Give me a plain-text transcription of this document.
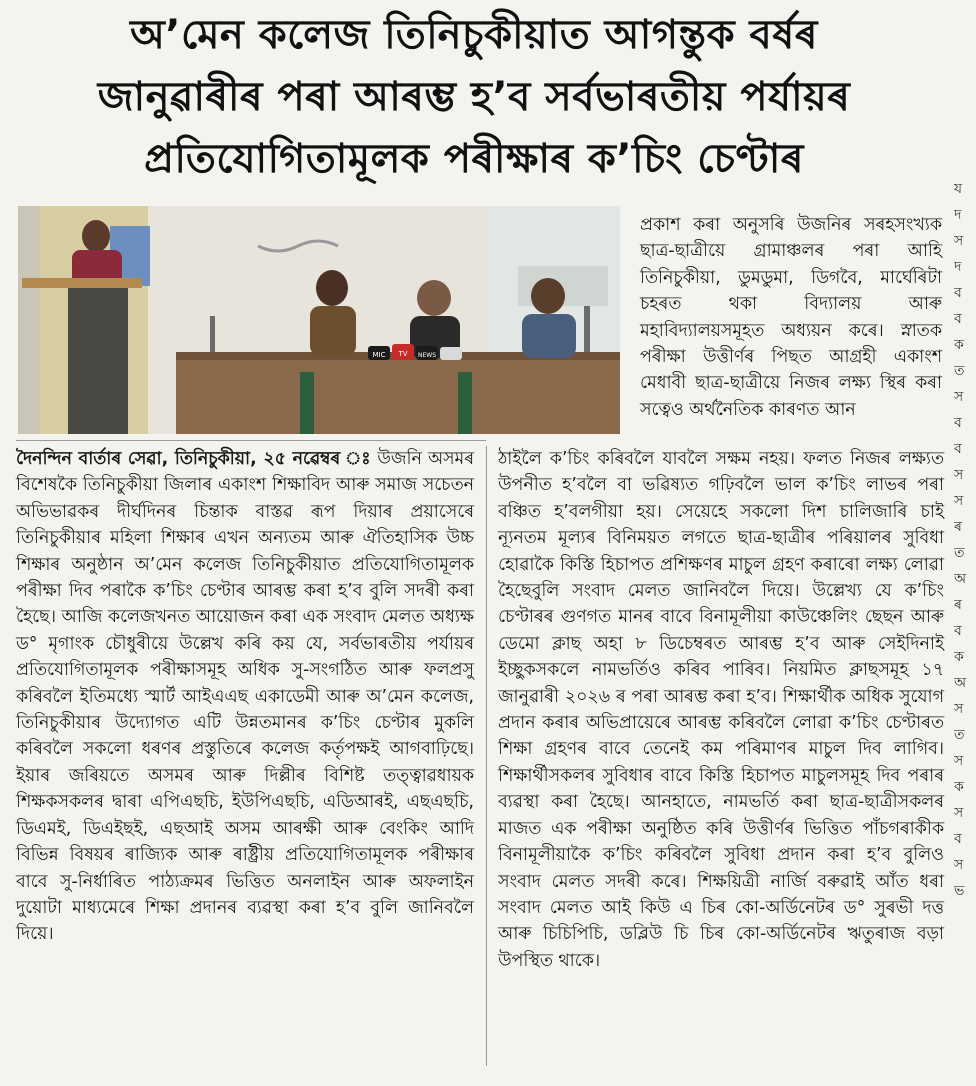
অ’মেন কলেজ তিনিচুকীয়াত আগন্তুক বৰ্ষৰ
জানুৱাৰীৰ পৰা আৰম্ভ হ’ব সৰ্বভাৰতীয় পৰ্যায়ৰ
প্ৰতিযোগিতামূলক পৰীক্ষাৰ ক’চিং চেণ্টাৰ
MIC TV NEWS

প্ৰকাশ কৰা অনুসৰি উজনিৰ সৰহসংখ্যক ছাত্ৰ-ছাত্ৰীয়ে গ্ৰামাঞ্চলৰ পৰা আহি তিনিচুকীয়া, ডুমডুমা, ডিগবৈ, মাৰ্ঘেৰিটা চহৰত থকা বিদ্যালয় আৰু মহাবিদ্যালয়সমূহত অধ্যয়ন কৰে। স্নাতক পৰীক্ষা উত্তীৰ্ণৰ পিছত আগ্ৰহী একাংশ মেধাবী ছাত্ৰ-ছাত্ৰীয়ে নিজৰ লক্ষ্য স্থিৰ কৰা সত্বেও অৰ্থনৈতিক কাৰণত আন

দৈনন্দিন বাৰ্তাৰ সেৱা, তিনিচুকীয়া, ২৫ নৱেম্বৰ ঃ উজনি অসমৰ বিশেষকৈ তিনিচুকীয়া জিলাৰ একাংশ শিক্ষাবিদ আৰু সমাজ সচেতন অভিভাৱকৰ দীৰ্ঘদিনৰ চিন্তাক বাস্তৱ ৰূপ দিয়াৰ প্ৰয়াসেৰে তিনিচুকীয়াৰ মহিলা শিক্ষাৰ এখন অন্যতম আৰু ঐতিহাসিক উচ্চ শিক্ষাৰ অনুষ্ঠান অ’মেন কলেজ তিনিচুকীয়াত প্ৰতিযোগিতামূলক পৰীক্ষা দিব পৰাকৈ ক’চিং চেণ্টাৰ আৰম্ভ কৰা হ’ব বুলি সদৰী কৰা হৈছে। আজি কলেজখনত আয়োজন কৰা এক সংবাদ মেলত অধ্যক্ষ ড° মৃগাংক চৌধুৰীয়ে উল্লেখ কৰি কয় যে, সৰ্বভাৰতীয় পৰ্যায়ৰ প্ৰতিযোগিতামূলক পৰীক্ষাসমূহ অধিক সু-সংগঠিত আৰু ফলপ্ৰসু কৰিবলৈ ইতিমধ্যে স্মাৰ্ট আইএএছ একাডেমী আৰু অ’মেন কলেজ, তিনিচুকীয়াৰ উদ্যোগত এটি উন্নতমানৰ ক’চিং চেণ্টাৰ মুকলি কৰিবলৈ সকলো ধৰণৰ প্ৰস্তুতিৰে কলেজ কৰ্তৃপক্ষই আগবাঢ়িছে। ইয়াৰ জৰিয়তে অসমৰ আৰু দিল্লীৰ বিশিষ্ট তত্ত্বাৱধায়ক শিক্ষকসকলৰ দ্বাৰা এপিএছচি, ইউপিএছচি, এডিআৰই, এছএছচি, ডিএমই, ডিএইছই, এছআই অসম আৰক্ষী আৰু বেংকিং আদি বিভিন্ন বিষয়ৰ ৰাজ্যিক আৰু ৰাষ্ট্ৰীয় প্ৰতিযোগিতামূলক পৰীক্ষাৰ বাবে সু-নিৰ্ধাৰিত পাঠ্যক্ৰমৰ ভিত্তিত অনলাইন আৰু অফলাইন দুয়োটা মাধ্যমেৰে শিক্ষা প্ৰদানৰ ব্যৱস্থা কৰা হ’ব বুলি জানিবলৈ দিয়ে।

ঠাইলৈ ক’চিং কৰিবলৈ যাবলৈ সক্ষম নহয়। ফলত নিজৰ লক্ষ্যত উপনীত হ’বলৈ বা ভৱিষ্যত গঢ়িবলৈ ভাল ক’চিং লাভৰ পৰা বঞ্চিত হ’বলগীয়া হয়। সেয়েহে সকলো দিশ চালিজাৰি চাই ন্যূনতম মূল্যৰ বিনিময়ত লগতে ছাত্ৰ-ছাত্ৰীৰ পৰিয়ালৰ সুবিধা হোৱাকৈ কিস্তি হিচাপত প্ৰশিক্ষণৰ মাচুল গ্ৰহণ কৰাৰো লক্ষ্য লোৱা হৈছেবুলি সংবাদ মেলত জানিবলৈ দিয়ে। উল্লেখ্য যে ক’চিং চেণ্টাৰৰ গুণগত মানৰ বাবে বিনামূলীয়া কাউঞ্চেলিং ছেছন আৰু ডেমো ক্লাছ অহা ৮ ডিচেম্বৰত আৰম্ভ হ’ব আৰু সেইদিনাই ইচ্ছুকসকলে নামভৰ্তিও কৰিব পাৰিব। নিয়মিত ক্লাছসমূহ ১৭ জানুৱাৰী ২০২৬ ৰ পৰা আৰম্ভ কৰা হ’ব। শিক্ষাৰ্থীক অধিক সুযোগ প্ৰদান কৰাৰ অভিপ্ৰায়েৰে আৰম্ভ কৰিবলৈ লোৱা ক’চিং চেণ্টাৰত শিক্ষা গ্ৰহণৰ বাবে তেনেই কম পৰিমাণৰ মাচুল দিব লাগিব। শিক্ষাৰ্থীসকলৰ সুবিধাৰ বাবে কিস্তি হিচাপত মাচুলসমূহ দিব পৰাৰ ব্যৱস্থা কৰা হৈছে। আনহাতে, নামভৰ্তি কৰা ছাত্ৰ-ছাত্ৰীসকলৰ মাজত এক পৰীক্ষা অনুষ্ঠিত কৰি উত্তীৰ্ণৰ ভিত্তিত পাঁচগৰাকীক বিনামূলীয়াকৈ ক’চিং কৰিবলৈ সুবিধা প্ৰদান কৰা হ’ব বুলিও সংবাদ মেলত সদৰী কৰে। শিক্ষয়িত্ৰী নাৰ্জি বৰুৱাই আঁত ধৰা সংবাদ মেলত আই কিউ এ চিৰ কো-অৰ্ডিনেটৰ ড° সুৰভী দত্ত আৰু চিচিপিচি, ডব্লিউ চি চিৰ কো-অৰ্ডিনেটৰ ঋতুৰাজ বড়া উপস্থিত থাকে।

য
দ
স
দ
ব
ব
ক
ত
স
ব
ব
স
স
ৰ
ত
অ
ৰ
ব
ক
অ
স
ত
স
ক
স
ব
স
ভ
